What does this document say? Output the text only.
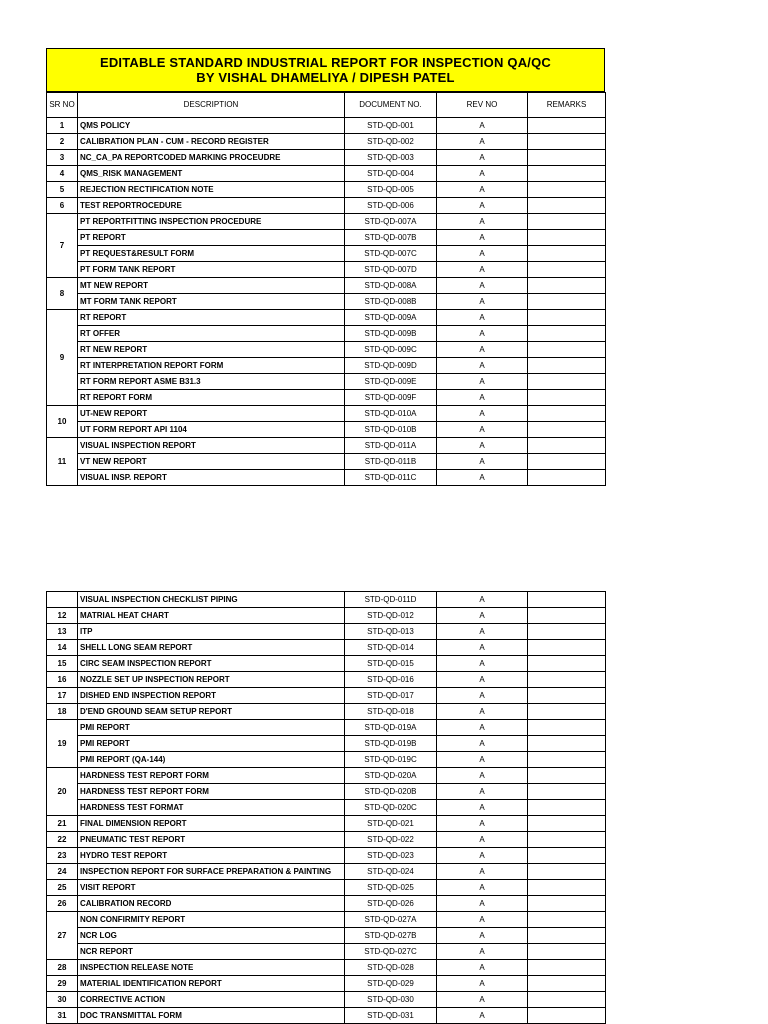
EDITABLE STANDARD INDUSTRIAL REPORT FOR INSPECTION QA/QC
BY VISHAL DHAMELIYA / DIPESH PATEL
SR NO	DESCRIPTION	DOCUMENT NO.	REV NO	REMARKS
1	QMS POLICY	STD-QD-001	A	
2	CALIBRATION PLAN - CUM - RECORD REGISTER	STD-QD-002	A	
3	NC_CA_PA REPORTCODED MARKING PROCEUDRE	STD-QD-003	A	
4	QMS_RISK MANAGEMENT	STD-QD-004	A	
5	REJECTION RECTIFICATION NOTE	STD-QD-005	A	
6	TEST REPORTROCEDURE	STD-QD-006	A	
7	PT REPORTFITTING INSPECTION PROCEDURE	STD-QD-007A	A	
	PT REPORT	STD-QD-007B	A	
	PT REQUEST&RESULT FORM	STD-QD-007C	A	
	PT FORM TANK REPORT	STD-QD-007D	A	
8	MT NEW REPORT	STD-QD-008A	A	
	MT FORM TANK REPORT	STD-QD-008B	A	
9	RT REPORT	STD-QD-009A	A	
	RT OFFER	STD-QD-009B	A	
	RT NEW REPORT	STD-QD-009C	A	
	RT INTERPRETATION REPORT FORM	STD-QD-009D	A	
	RT FORM REPORT ASME B31.3	STD-QD-009E	A	
	RT REPORT FORM	STD-QD-009F	A	
10	UT-NEW REPORT	STD-QD-010A	A	
	UT FORM REPORT API 1104	STD-QD-010B	A	
11	VISUAL INSPECTION REPORT	STD-QD-011A	A	
	VT NEW REPORT	STD-QD-011B	A	
	VISUAL INSP. REPORT	STD-QD-011C	A	
	VISUAL INSPECTION CHECKLIST PIPING	STD-QD-011D	A	
12	MATRIAL HEAT CHART	STD-QD-012	A	
13	ITP	STD-QD-013	A	
14	SHELL LONG SEAM REPORT	STD-QD-014	A	
15	CIRC SEAM INSPECTION REPORT	STD-QD-015	A	
16	NOZZLE SET UP INSPECTION REPORT	STD-QD-016	A	
17	DISHED END INSPECTION REPORT	STD-QD-017	A	
18	D'END GROUND SEAM SETUP REPORT	STD-QD-018	A	
19	PMI REPORT	STD-QD-019A	A	
	PMI REPORT	STD-QD-019B	A	
	PMI REPORT (QA-144)	STD-QD-019C	A	
20	HARDNESS TEST REPORT FORM	STD-QD-020A	A	
	HARDNESS TEST REPORT FORM	STD-QD-020B	A	
	HARDNESS TEST FORMAT	STD-QD-020C	A	
21	FINAL DIMENSION REPORT	STD-QD-021	A	
22	PNEUMATIC TEST REPORT	STD-QD-022	A	
23	HYDRO TEST REPORT	STD-QD-023	A	
24	INSPECTION REPORT FOR SURFACE PREPARATION & PAINTING	STD-QD-024	A	
25	VISIT REPORT	STD-QD-025	A	
26	CALIBRATION RECORD	STD-QD-026	A	
27	NON CONFIRMITY REPORT	STD-QD-027A	A	
	NCR LOG	STD-QD-027B	A	
	NCR REPORT	STD-QD-027C	A	
28	INSPECTION RELEASE NOTE	STD-QD-028	A	
29	MATERIAL IDENTIFICATION REPORT	STD-QD-029	A	
30	CORRECTIVE ACTION	STD-QD-030	A	
31	DOC TRANSMITTAL FORM	STD-QD-031	A	
